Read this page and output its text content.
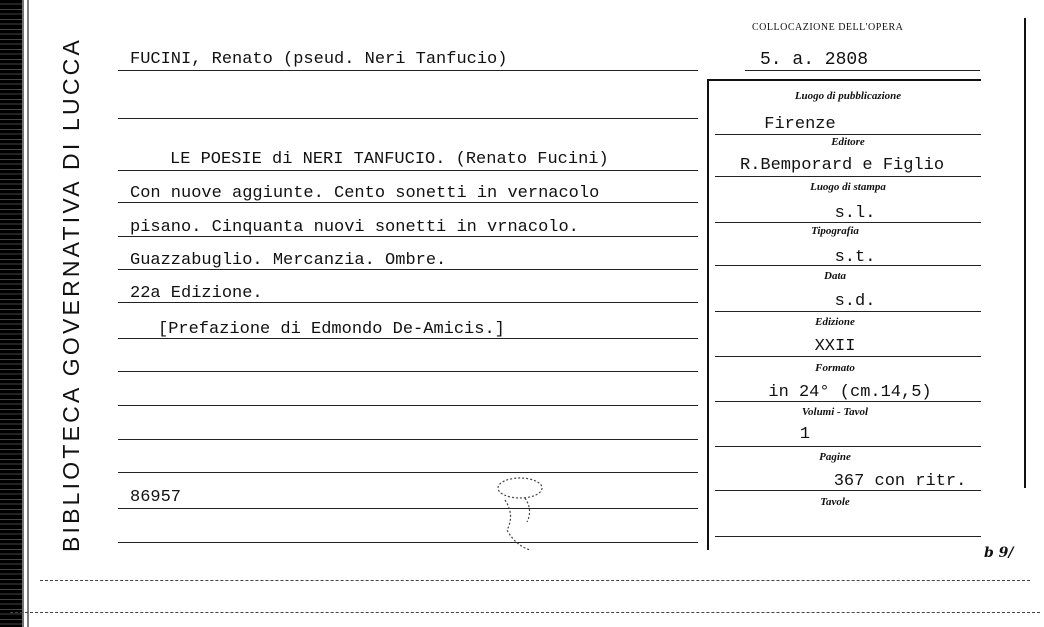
BIBLIOTECA GOVERNATIVA DI LUCCA
COLLOCAZIONE DELL'OPERA
5. a. 2808
FUCINI, Renato (pseud. Neri Tanfucio)
LE POESIE di NERI TANFUCIO. (Renato Fucini)
Con nuove aggiunte. Cento sonetti in vernacolo
pisano. Cinquanta nuovi sonetti in vrnacolo.
Guazzabuglio. Mercanzia. Ombre.
22a Edizione.
[Prefazione di Edmondo De-Amicis.]
86957
Luogo di pubblicazione
Firenze
Editore
R.Bemporard e Figlio
Luogo di stampa
s.l.
Tipografia
s.t.
Data
s.d.
Edizione
XXII
Formato
in 24° (cm.14,5)
Volumi - Tavol
1
Pagine
367 con ritr.
Tavole
b 9/
